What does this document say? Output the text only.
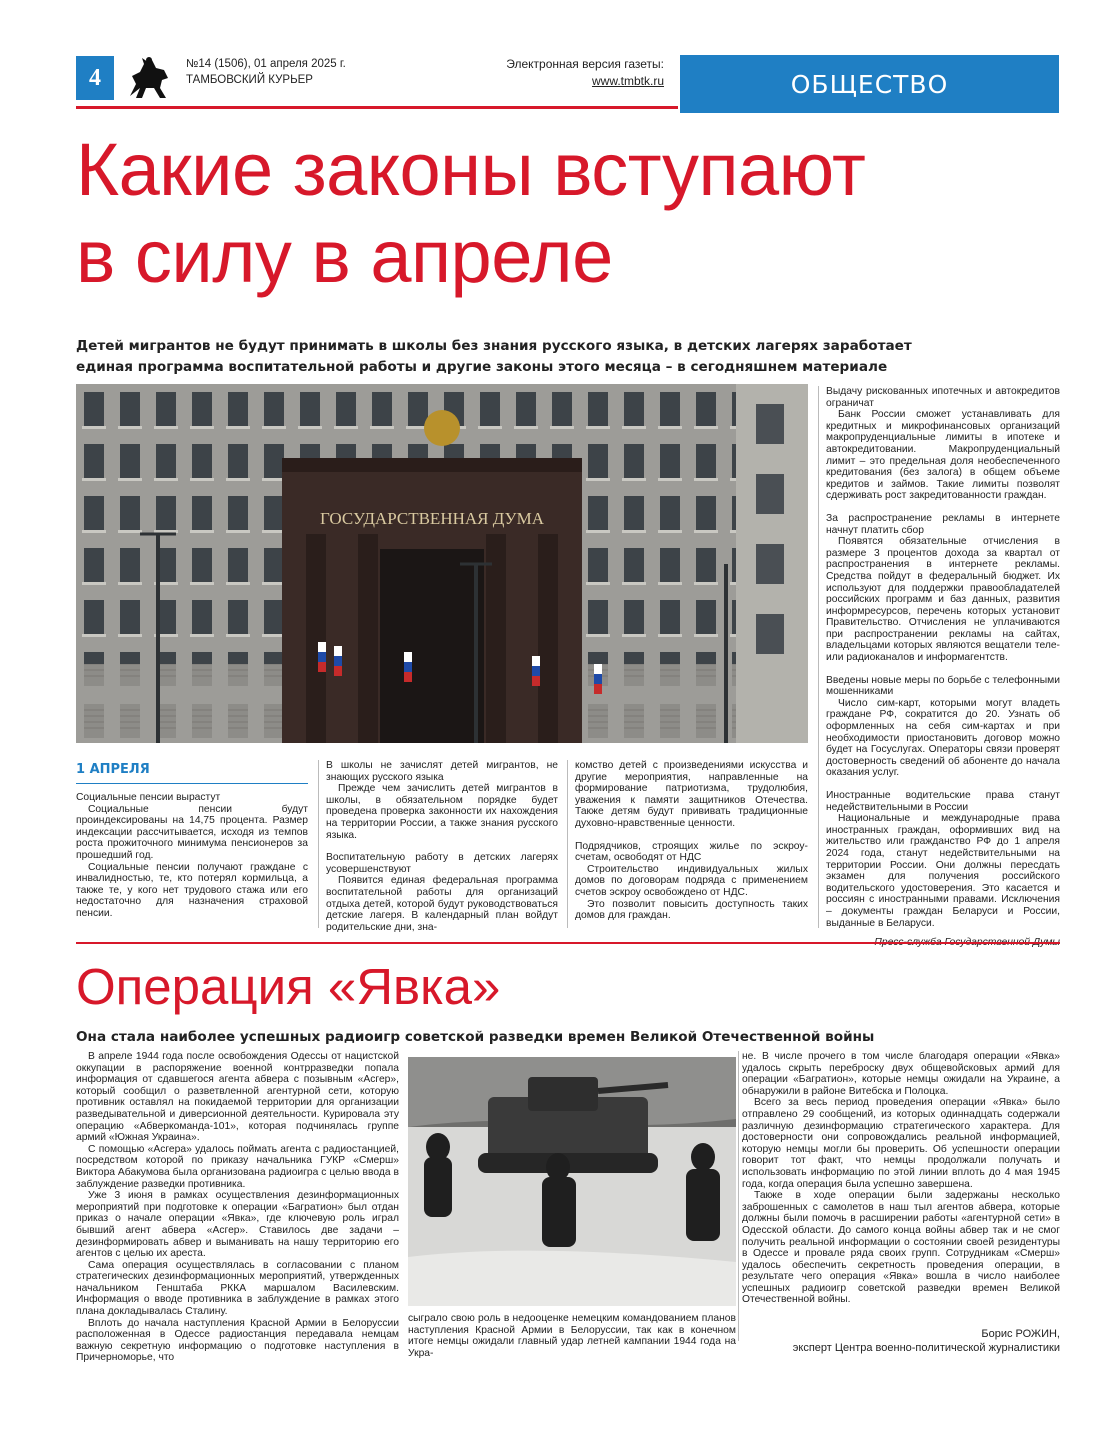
4
№14 (1506), 01 апреля 2025 г.
ТАМБОВСКИЙ КУРЬЕР
Электронная версия газеты:
www.tmbtk.ru	ОБЩЕСТВО
Какие законы вступают
в силу в апреле
Детей мигрантов не будут принимать в школы без знания русского языка, в детских лагерях заработает
единая программа воспитательной работы и другие законы этого месяца – в сегодняшнем материале
ГОСУДАРСТВЕННАЯ ДУМА
1 АПРЕЛЯ

Социальные пенсии вырастут

Социальные пенсии будут проиндексированы на 14,75 процента. Размер индексации рассчитывается, исходя из темпов роста прожиточного минимума пенсионеров за прошедший год.

Социальные пенсии получают граждане с инвалидностью, те, кто потерял кормильца, а также те, у кого нет трудового стажа или его недостаточно для назначения страховой пенсии.

В школы не зачислят детей мигрантов, не знающих русского языка

Прежде чем зачислить детей мигрантов в школы, в обязательном порядке будет проведена проверка законности их нахождения на территории России, а также знания русского языка.

Воспитательную работу в детских лагерях усовершенствуют

Появится единая федеральная программа воспитательной работы для организаций отдыха детей, которой будут руководствоваться детские лагеря. В календарный план войдут родительские дни, зна-

комство детей с произведениями искусства и другие мероприятия, направленные на формирование патриотизма, трудолюбия, уважения к памяти защитников Отечества. Также детям будут прививать традиционные духовно-нравственные ценности.

Подрядчиков, строящих жилье по эскроу-счетам, освободят от НДС

Строительство индивидуальных жилых домов по договорам подряда с применением счетов эскроу освобождено от НДС.

Это позволит повысить доступность таких домов для граждан.

Выдачу рискованных ипотечных и автокредитов ограничат

Банк России сможет устанавливать для кредитных и микрофинансовых организаций макропруденциальные лимиты в ипотеке и автокредитовании. Макропруденциальный лимит – это предельная доля необеспеченного кредитования (без залога) в общем объеме кредитов и займов. Такие лимиты позволят сдерживать рост закредитованности граждан.

За распространение рекламы в интернете начнут платить сбор

Появятся обязательные отчисления в размере 3 процентов дохода за квартал от распространения в интернете рекламы. Средства пойдут в федеральный бюджет. Их используют для поддержки правообладателей российских программ и баз данных, развития информресурсов, перечень которых установит Правительство. Отчисления не уплачиваются при распространении рекламы на сайтах, владельцами которых являются вещатели теле- или радиоканалов и информагентств.

Введены новые меры по борьбе с телефонными мошенниками

Число сим-карт, которыми могут владеть граждане РФ, сократится до 20. Узнать об оформленных на себя сим-картах и при необходимости приостановить договор можно будет на Госуслугах. Операторы связи проверят достоверность сведений об абоненте до начала оказания услуг.

Иностранные водительские права станут недействительными в России

Национальные и международные права иностранных граждан, оформивших вид на жительство или гражданство РФ до 1 апреля 2024 года, станут недействительными на территории России. Они должны пересдать экзамен для получения российского водительского удостоверения. Это касается и россиян с иностранными правами. Исключения – документы граждан Беларуси и России, выданные в Беларуси.

Операция «Явка»
Она стала наиболее успешных радиоигр советской разведки времен Великой Отечественной войны

В апреле 1944 года после освобождения Одессы от нацистской оккупации в распоряжение военной контрразведки попала информация от сдавшегося агента абвера с позывным «Асгер», который сообщил о разветвленной агентурной сети, которую противник оставлял на покидаемой территории для организации разведывательной и диверсионной деятельности. Курировала эту операцию «Абверкоманда-101», которая подчинялась группе армий «Южная Украина».

С помощью «Асгера» удалось поймать агента с радиостанцией, посредством которой по приказу начальника ГУКР «Смерш» Виктора Абакумова была организована радиоигра с целью ввода в заблуждение разведки противника.

Уже 3 июня в рамках осуществления дезинформационных мероприятий при подготовке к операции «Багратион» был отдан приказ о начале операции «Явка», где ключевую роль играл бывший агент абвера «Асгер». Ставилось две задачи – дезинформировать абвер и выманивать на нашу территорию его агентов с целью их ареста.

Сама операция осуществлялась в согласовании с планом стратегических дезинформационных мероприятий, утвержденных начальником Генштаба РККА маршалом Василевским. Информация о вводе противника в заблуждение в рамках этого плана докладывалась Сталину.

Вплоть до начала наступления Красной Армии в Белоруссии расположенная в Одессе радиостанция передавала немцам важную секретную информацию о подготовке наступления в Причерноморье, что

сыграло свою роль в недооценке немецким командованием планов наступления Красной Армии в Белоруссии, так как в конечном итоге немцы ожидали главный удар летней кампании 1944 года на Укра-

не. В числе прочего в том числе благодаря операции «Явка» удалось скрыть переброску двух общевойсковых армий для операции «Багратион», которые немцы ожидали на Украине, а обнаружили в районе Витебска и Полоцка.

Всего за весь период проведения операции «Явка» было отправлено 29 сообщений, из которых одиннадцать содержали различную дезинформацию стратегического характера. Для достоверности они сопровождались реальной информацией, которую немцы могли бы проверить. Об успешности операции говорит тот факт, что немцы продолжали получать и использовать информацию по этой линии вплоть до 4 мая 1945 года, когда операция была успешно завершена.

Также в ходе операции были задержаны несколько заброшенных с самолетов в наш тыл агентов абвера, которые должны были помочь в расширении работы «агентурной сети» в Одесской области. До самого конца войны абвер так и не смог получить реальной информации о состоянии своей резидентуры в Одессе и провале ряда своих групп. Сотрудникам «Смерш» удалось обеспечить секретность проведения операции, в результате чего операция «Явка» вошла в число наиболее успешных радиоигр советской разведки времен Великой Отечественной войны.

Борис РОЖИН,
эксперт Центра военно-политической журналистики
